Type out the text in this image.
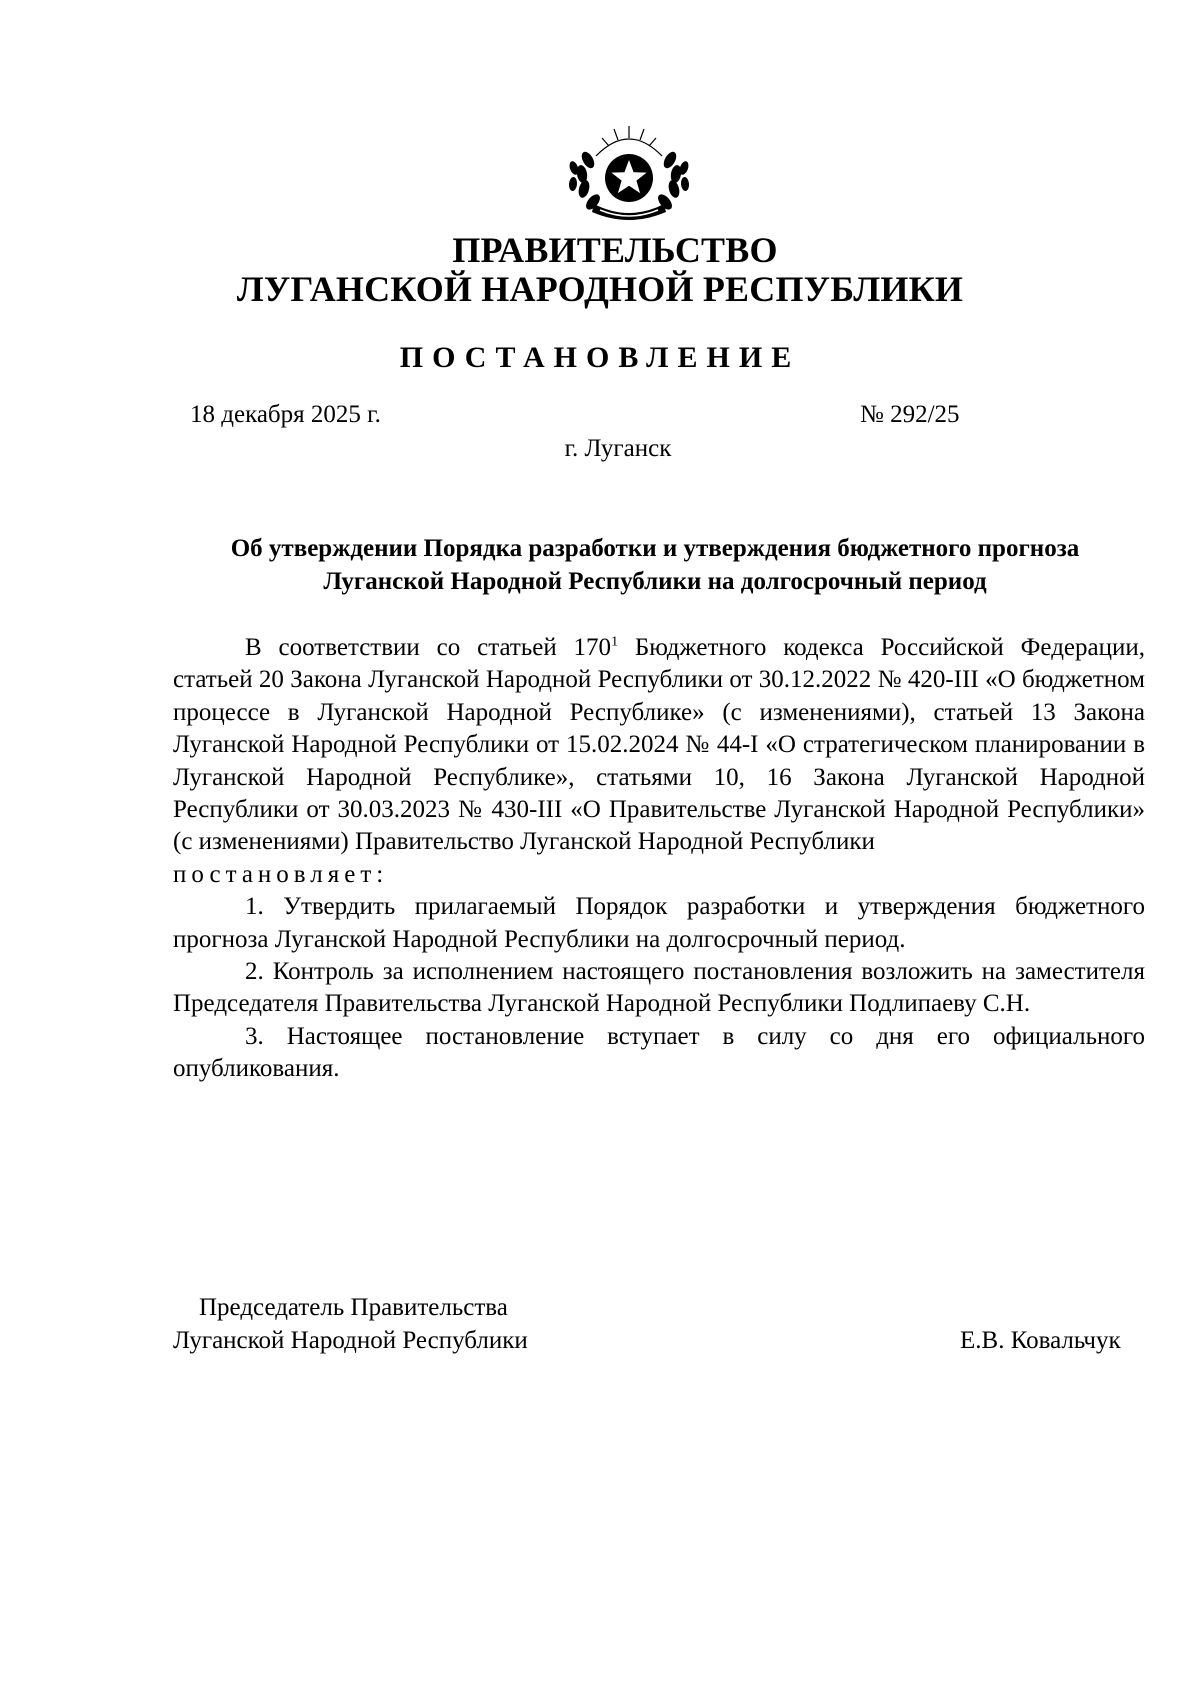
ПРАВИТЕЛЬСТВО
ЛУГАНСКОЙ НАРОДНОЙ РЕСПУБЛИКИ
ПОСТАНОВЛЕНИЕ
18 декабря 2025 г.	№ 292/25
г. Луганск
Об утверждении Порядка разработки и утверждения бюджетного прогноза
Луганской Народной Республики на долгосрочный период

В соответствии со статьей $170^1$ Бюджетного кодекса Российской Федерации, статьей 20 Закона Луганской Народной Республики от 30.12.2022 № 420-III «О бюджетном процессе в Луганской Народной Республике» (с изменениями), статьей 13 Закона Луганской Народной Республики от 15.02.2024 № 44-I «О стратегическом планировании в Луганской Народной Республике», статьями 10, 16 Закона Луганской Народной Республики от 30.03.2023 № 430-III «О Правительстве Луганской Народной Республики» (с изменениями) Правительство Луганской Народной Республики

постановляет:

1. Утвердить прилагаемый Порядок разработки и утверждения бюджетного прогноза Луганской Народной Республики на долгосрочный период.

2. Контроль за исполнением настоящего постановления возложить на заместителя Председателя Правительства Луганской Народной Республики Подлипаеву С.Н.

3. Настоящее постановление вступает в силу со дня его официального опубликования.

Председатель Правительства
Луганской Народной Республики	Е.В. Ковальчук
